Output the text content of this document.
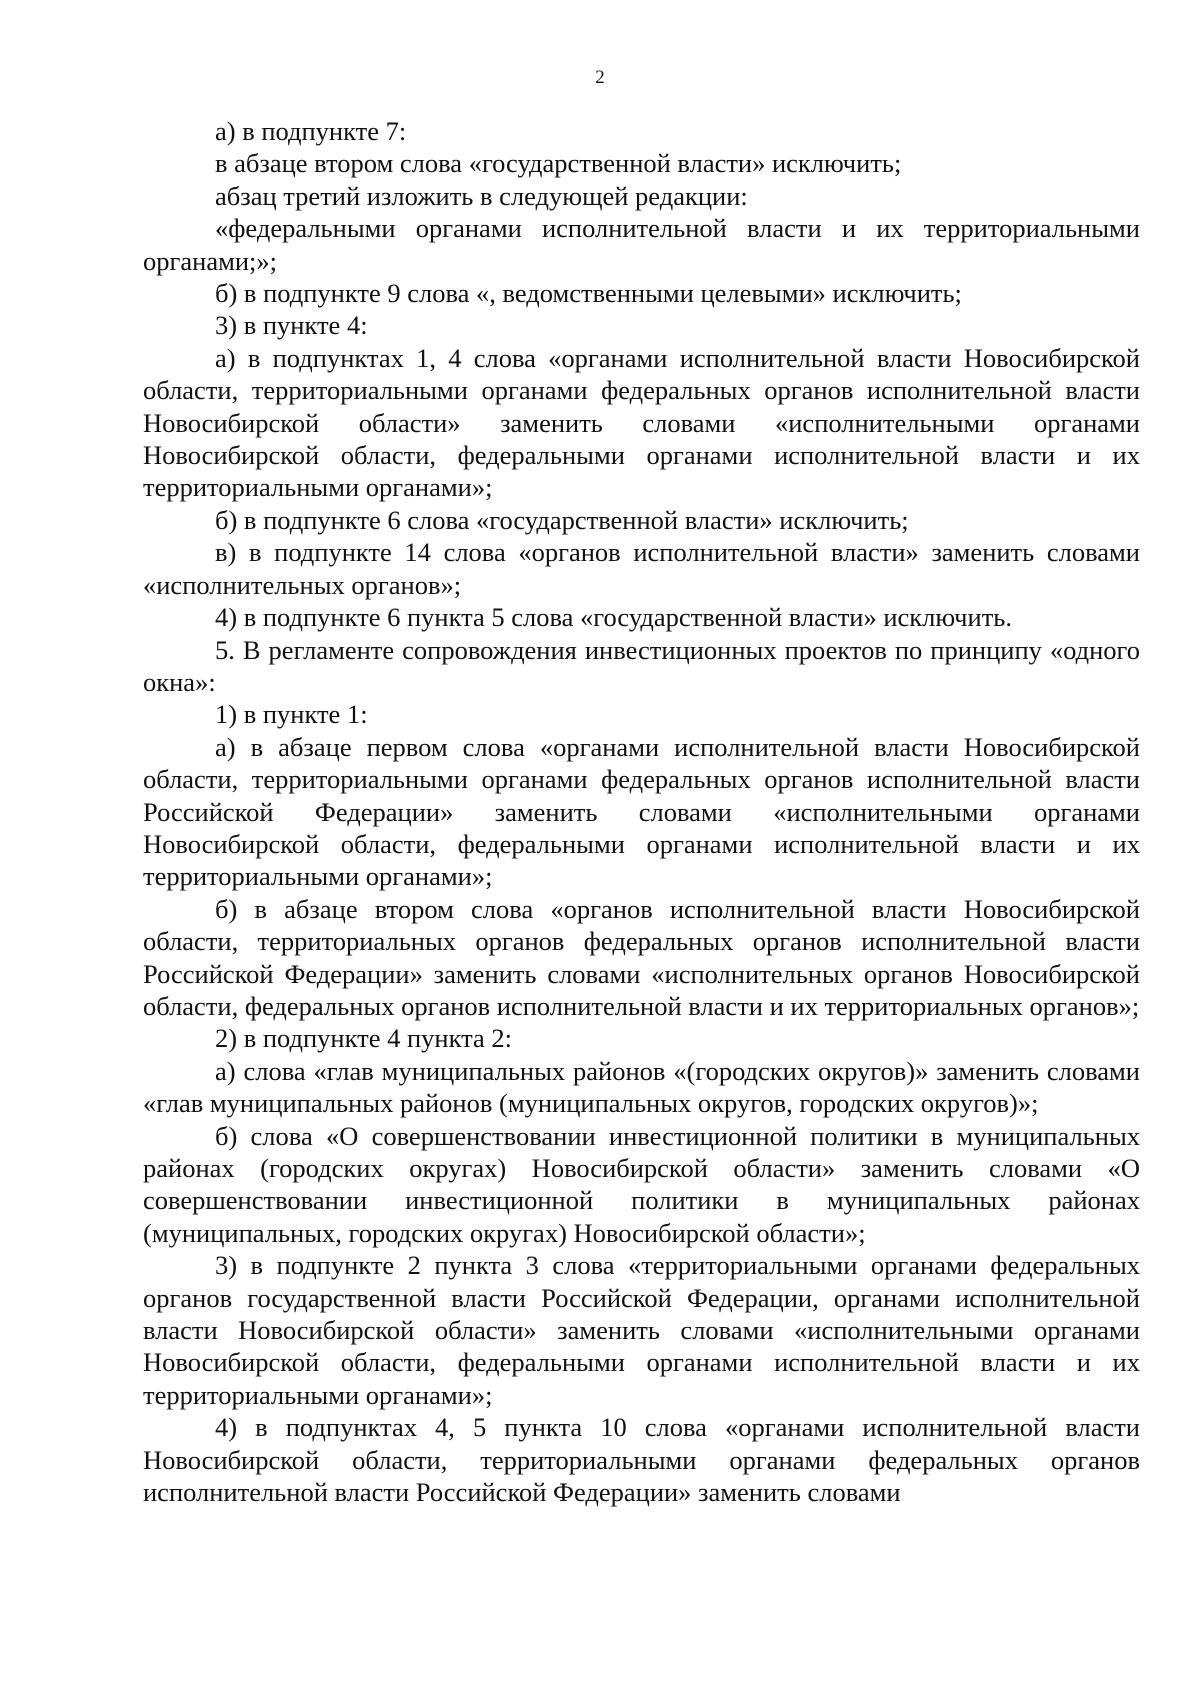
2

а) в подпункте 7:

в абзаце втором слова «государственной власти» исключить;

абзац третий изложить в следующей редакции:

«федеральными органами исполнительной власти и их территориальными органами;»;

б) в подпункте 9 слова «, ведомственными целевыми» исключить;

3) в пункте 4:

а) в подпунктах 1, 4 слова «органами исполнительной власти Новосибирской области, территориальными органами федеральных органов исполнительной власти Новосибирской области» заменить словами «исполнительными органами Новосибирской области, федеральными органами исполнительной власти и их территориальными органами»;

б) в подпункте 6 слова «государственной власти» исключить;

в) в подпункте 14 слова «органов исполнительной власти» заменить словами «исполнительных органов»;

4) в подпункте 6 пункта 5 слова «государственной власти» исключить.

5. В регламенте сопровождения инвестиционных проектов по принципу «одного окна»:

1) в пункте 1:

а) в абзаце первом слова «органами исполнительной власти Новосибирской области, территориальными органами федеральных органов исполнительной власти Российской Федерации» заменить словами «исполнительными органами Новосибирской области, федеральными органами исполнительной власти и их территориальными органами»;

б) в абзаце втором слова «органов исполнительной власти Новосибирской области, территориальных органов федеральных органов исполнительной власти Российской Федерации» заменить словами «исполнительных органов Новосибирской области, федеральных органов исполнительной власти и их территориальных органов»;

2) в подпункте 4 пункта 2:

а) слова «глав муниципальных районов «(городских округов)» заменить словами «глав муниципальных районов (муниципальных округов, городских округов)»;

б) слова «О совершенствовании инвестиционной политики в муниципальных районах (городских округах) Новосибирской области» заменить словами «О совершенствовании инвестиционной политики в муниципальных районах (муниципальных, городских округах) Новосибирской области»;

3) в подпункте 2 пункта 3 слова «территориальными органами федеральных органов государственной власти Российской Федерации, органами исполнительной власти Новосибирской области» заменить словами «исполнительными органами Новосибирской области, федеральными органами исполнительной власти и их территориальными органами»;

4) в подпунктах 4, 5 пункта 10 слова «органами исполнительной власти Новосибирской области, территориальными органами федеральных органов исполнительной власти Российской Федерации» заменить словами
